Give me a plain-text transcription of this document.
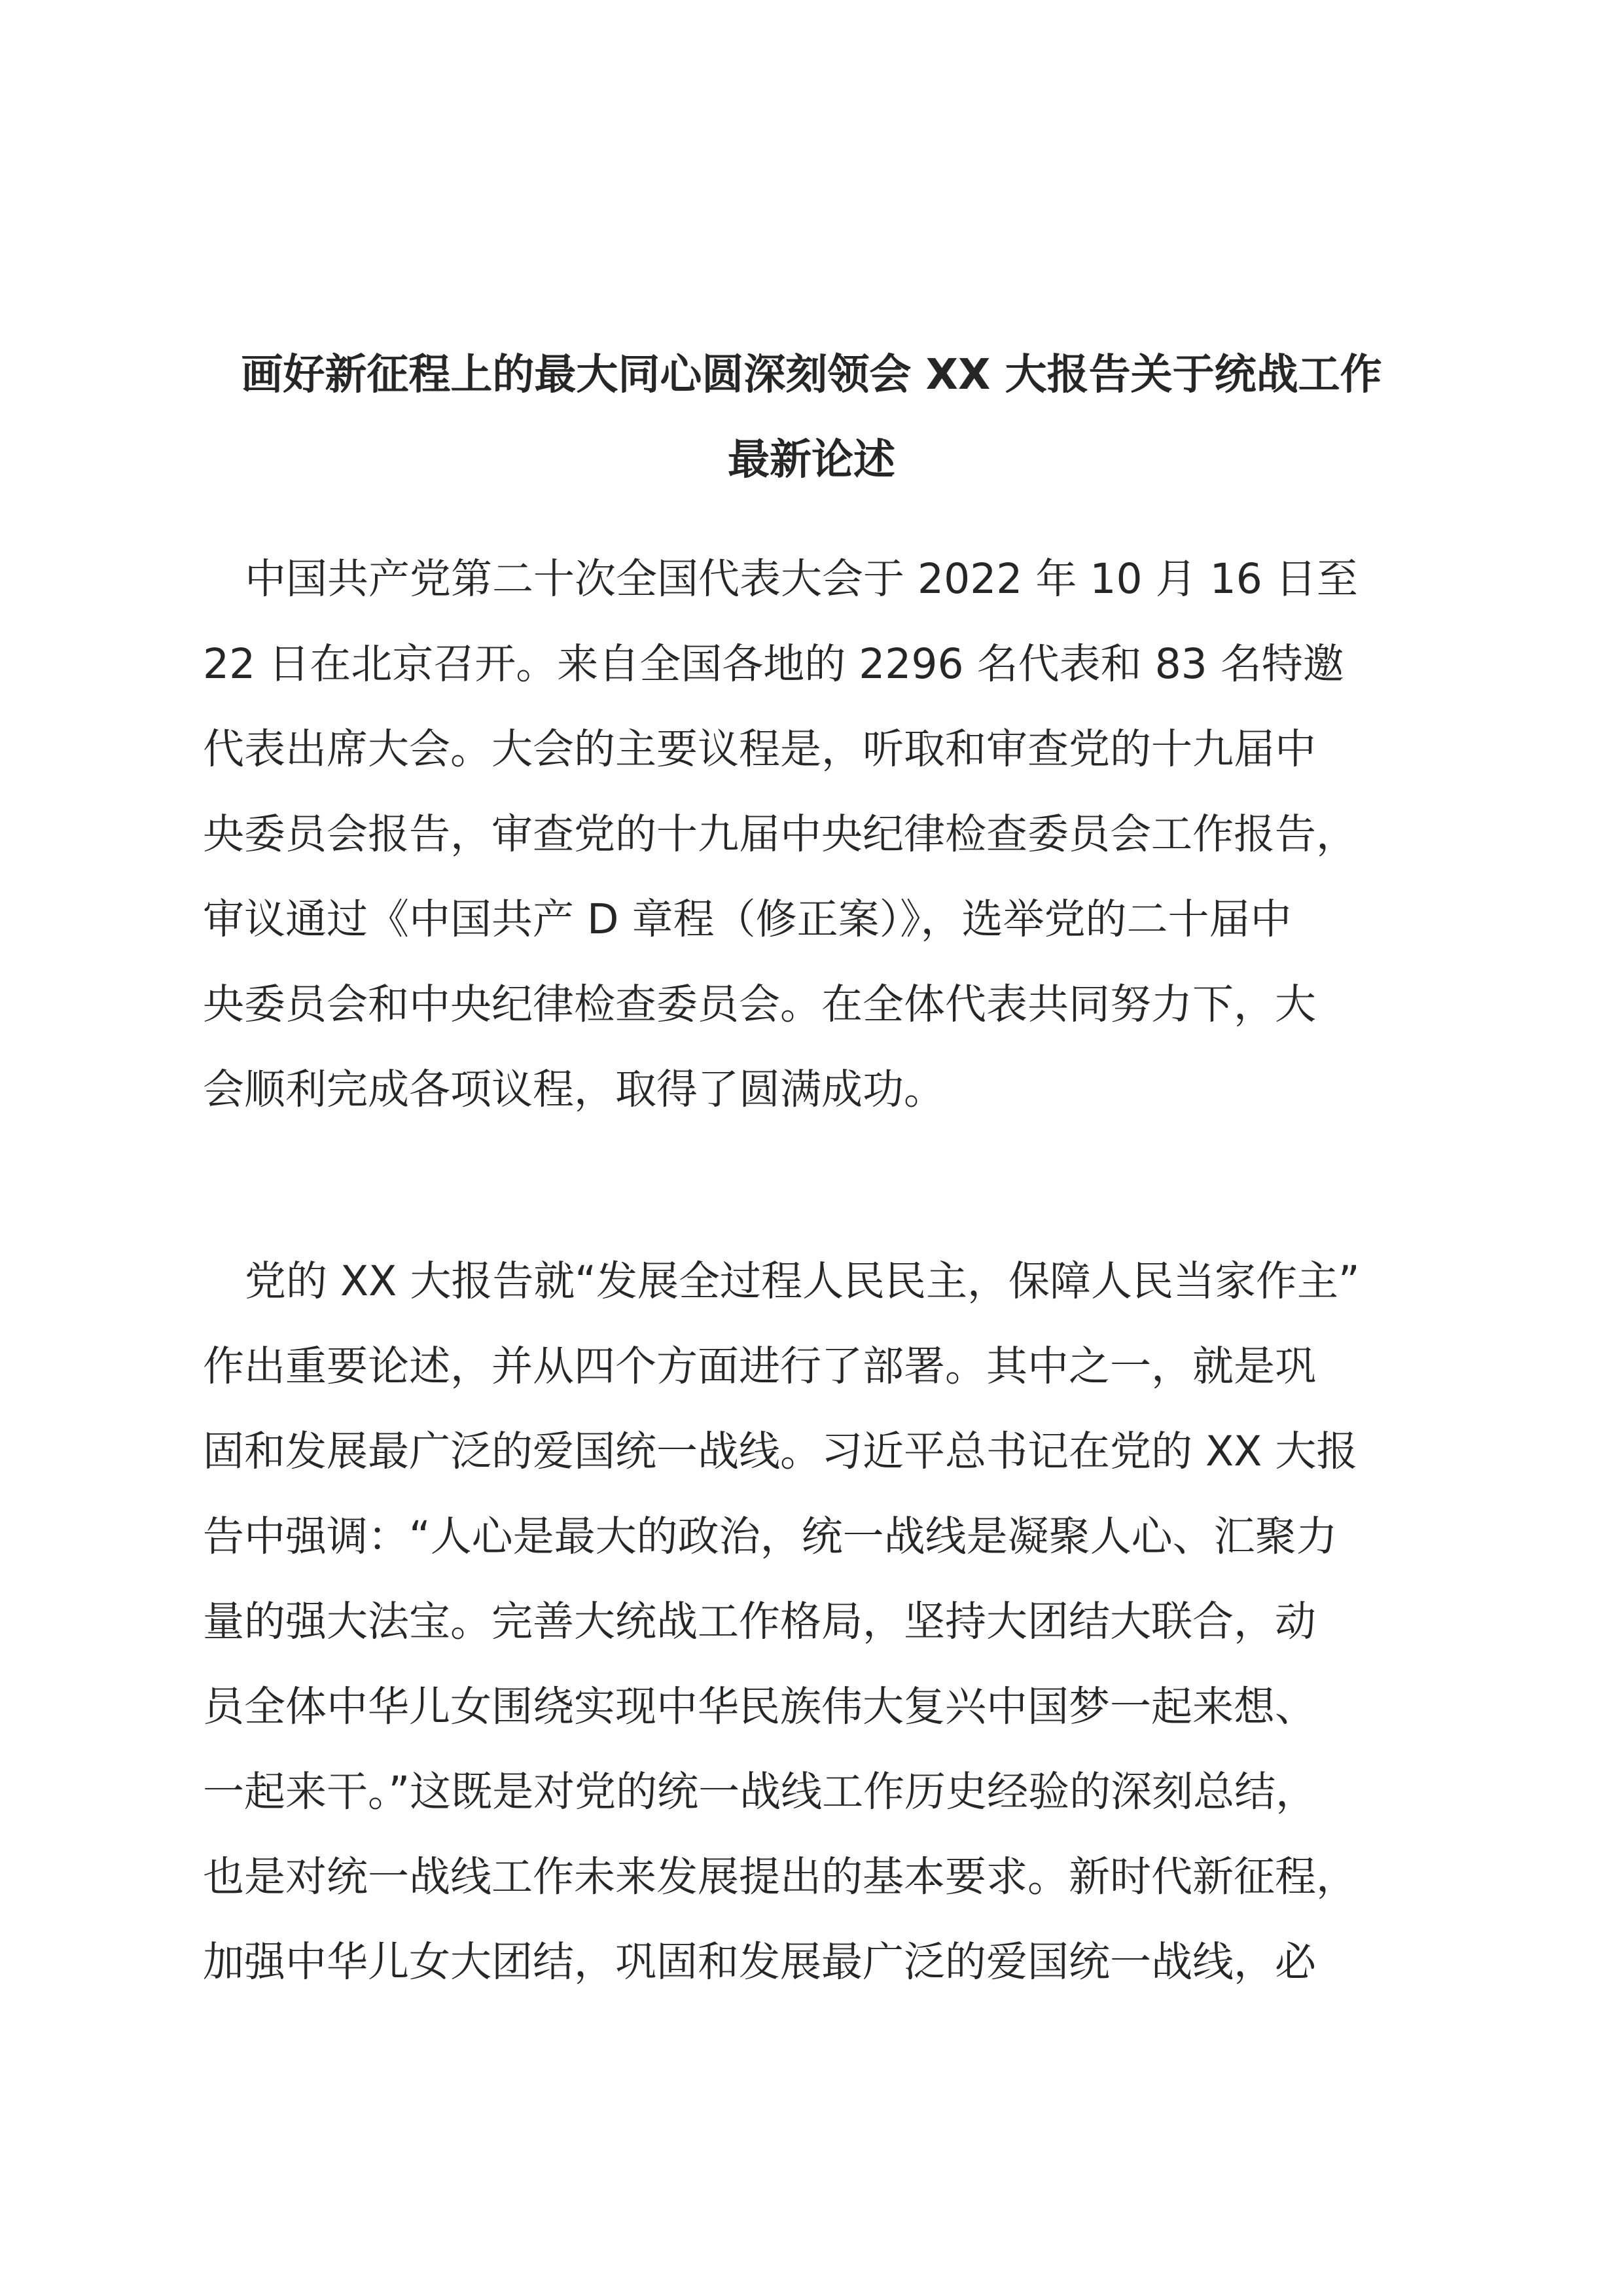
画好新征程上的最大同心圆深刻领会 XX 大报告关于统战工作
最新论述

中国共产党第二十次全国代表大会于 2022 年 10 月 16 日至
22 日在北京召开。来自全国各地的 2296 名代表和 83 名特邀
代表出席大会。大会的主要议程是，听取和审查党的十九届中
央委员会报告，审查党的十九届中央纪律检查委员会工作报告，
审议通过《中国共产 D 章程（修正案）》，选举党的二十届中
央委员会和中央纪律检查委员会。在全体代表共同努力下，大
会顺利完成各项议程，取得了圆满成功。

党的 XX 大报告就“发展全过程人民民主，保障人民当家作主”
作出重要论述，并从四个方面进行了部署。其中之一，就是巩
固和发展最广泛的爱国统一战线。习近平总书记在党的 XX 大报
告中强调：“人心是最大的政治，统一战线是凝聚人心、汇聚力
量的强大法宝。完善大统战工作格局，坚持大团结大联合，动
员全体中华儿女围绕实现中华民族伟大复兴中国梦一起来想、
一起来干。”这既是对党的统一战线工作历史经验的深刻总结，
也是对统一战线工作未来发展提出的基本要求。新时代新征程，
加强中华儿女大团结，巩固和发展最广泛的爱国统一战线，必
